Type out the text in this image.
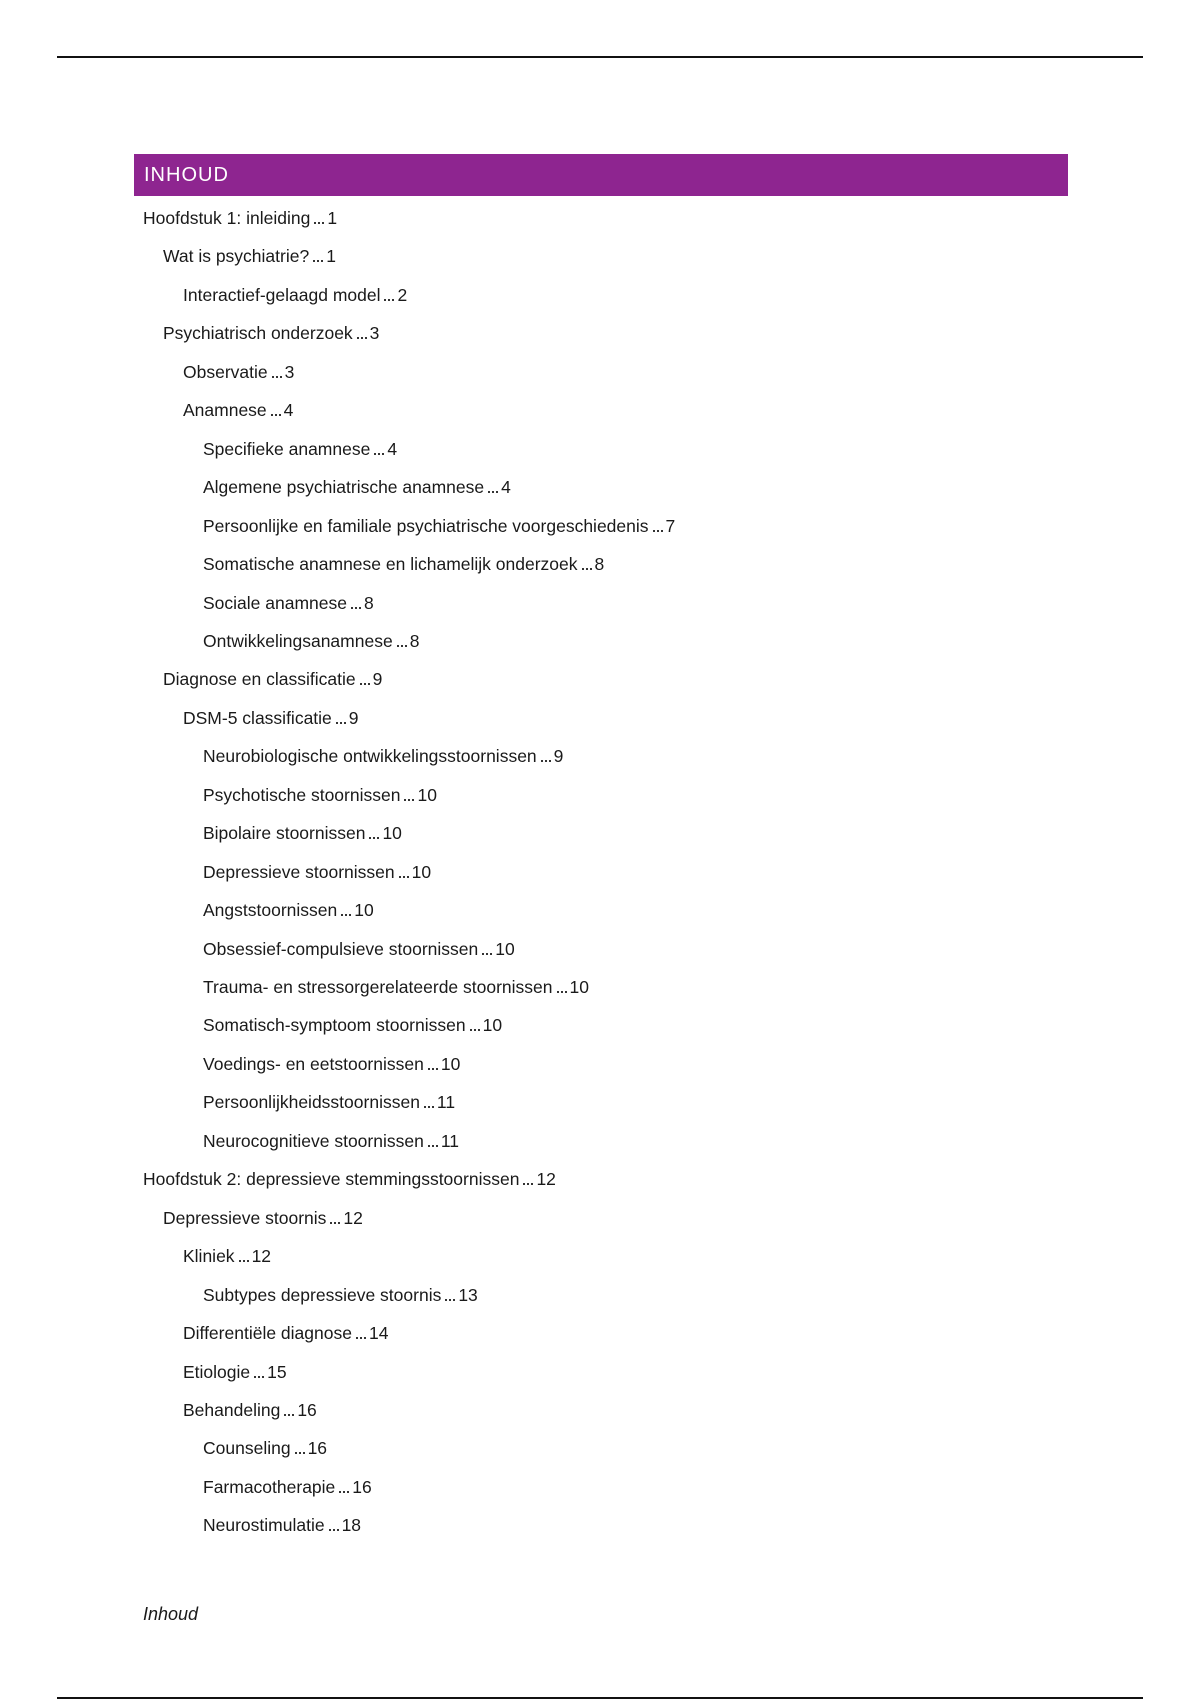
INHOUD
Hoofdstuk 1: inleiding 1
Wat is psychiatrie? 1
Interactief-gelaagd model 2
Psychiatrisch onderzoek 3
Observatie 3
Anamnese 4
Specifieke anamnese 4
Algemene psychiatrische anamnese 4
Persoonlijke en familiale psychiatrische voorgeschiedenis 7
Somatische anamnese en lichamelijk onderzoek 8
Sociale anamnese 8
Ontwikkelingsanamnese 8
Diagnose en classificatie 9
DSM-5 classificatie 9
Neurobiologische ontwikkelingsstoornissen 9
Psychotische stoornissen 10
Bipolaire stoornissen 10
Depressieve stoornissen 10
Angststoornissen 10
Obsessief-compulsieve stoornissen 10
Trauma- en stressorgerelateerde stoornissen 10
Somatisch-symptoom stoornissen 10
Voedings- en eetstoornissen 10
Persoonlijkheidsstoornissen 11
Neurocognitieve stoornissen 11
Hoofdstuk 2: depressieve stemmingsstoornissen 12
Depressieve stoornis 12
Kliniek 12
Subtypes depressieve stoornis 13
Differentiële diagnose 14
Etiologie 15
Behandeling 16
Counseling 16
Farmacotherapie 16
Neurostimulatie 18
Inhoud
